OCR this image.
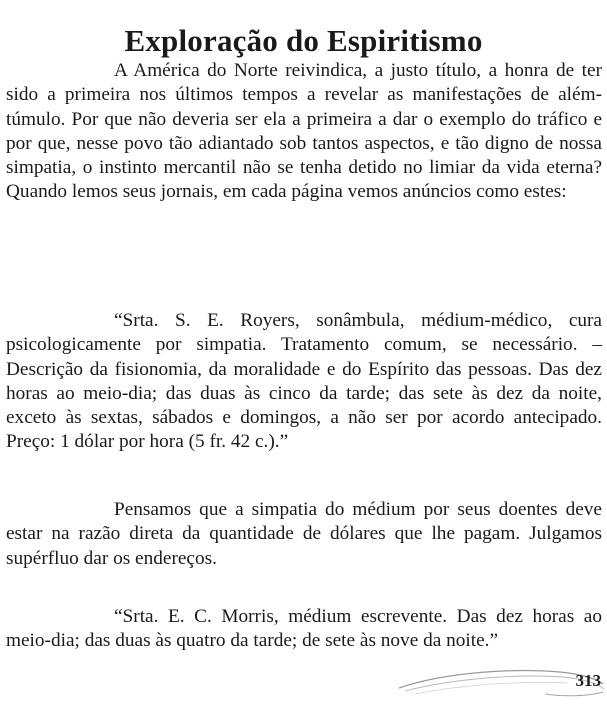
Exploração do Espiritismo

A América do Norte reivindica, a justo título, a honra de ter sido a primeira nos últimos tempos a revelar as manifestações de além-túmulo. Por que não deveria ser ela a primeira a dar o exemplo do tráfico e por que, nesse povo tão adiantado sob tantos aspectos, e tão digno de nossa simpatia, o instinto mercantil não se tenha detido no limiar da vida eterna? Quando lemos seus jornais, em cada página vemos anúncios como estes:

“Srta. S. E. Royers, sonâmbula, médium-médico, cura psicologicamente por simpatia. Tratamento comum, se necessário. – Descrição da fisionomia, da moralidade e do Espírito das pessoas. Das dez horas ao meio-dia; das duas às cinco da tarde; das sete às dez da noite, exceto às sextas, sábados e domingos, a não ser por acordo antecipado. Preço: 1 dólar por hora (5 fr. 42 c.).”

Pensamos que a simpatia do médium por seus doentes deve estar na razão direta da quantidade de dólares que lhe pagam. Julgamos supérfluo dar os endereços.

“Srta. E. C. Morris, médium escrevente. Das dez horas ao meio-dia; das duas às quatro da tarde; de sete às nove da noite.”

313
